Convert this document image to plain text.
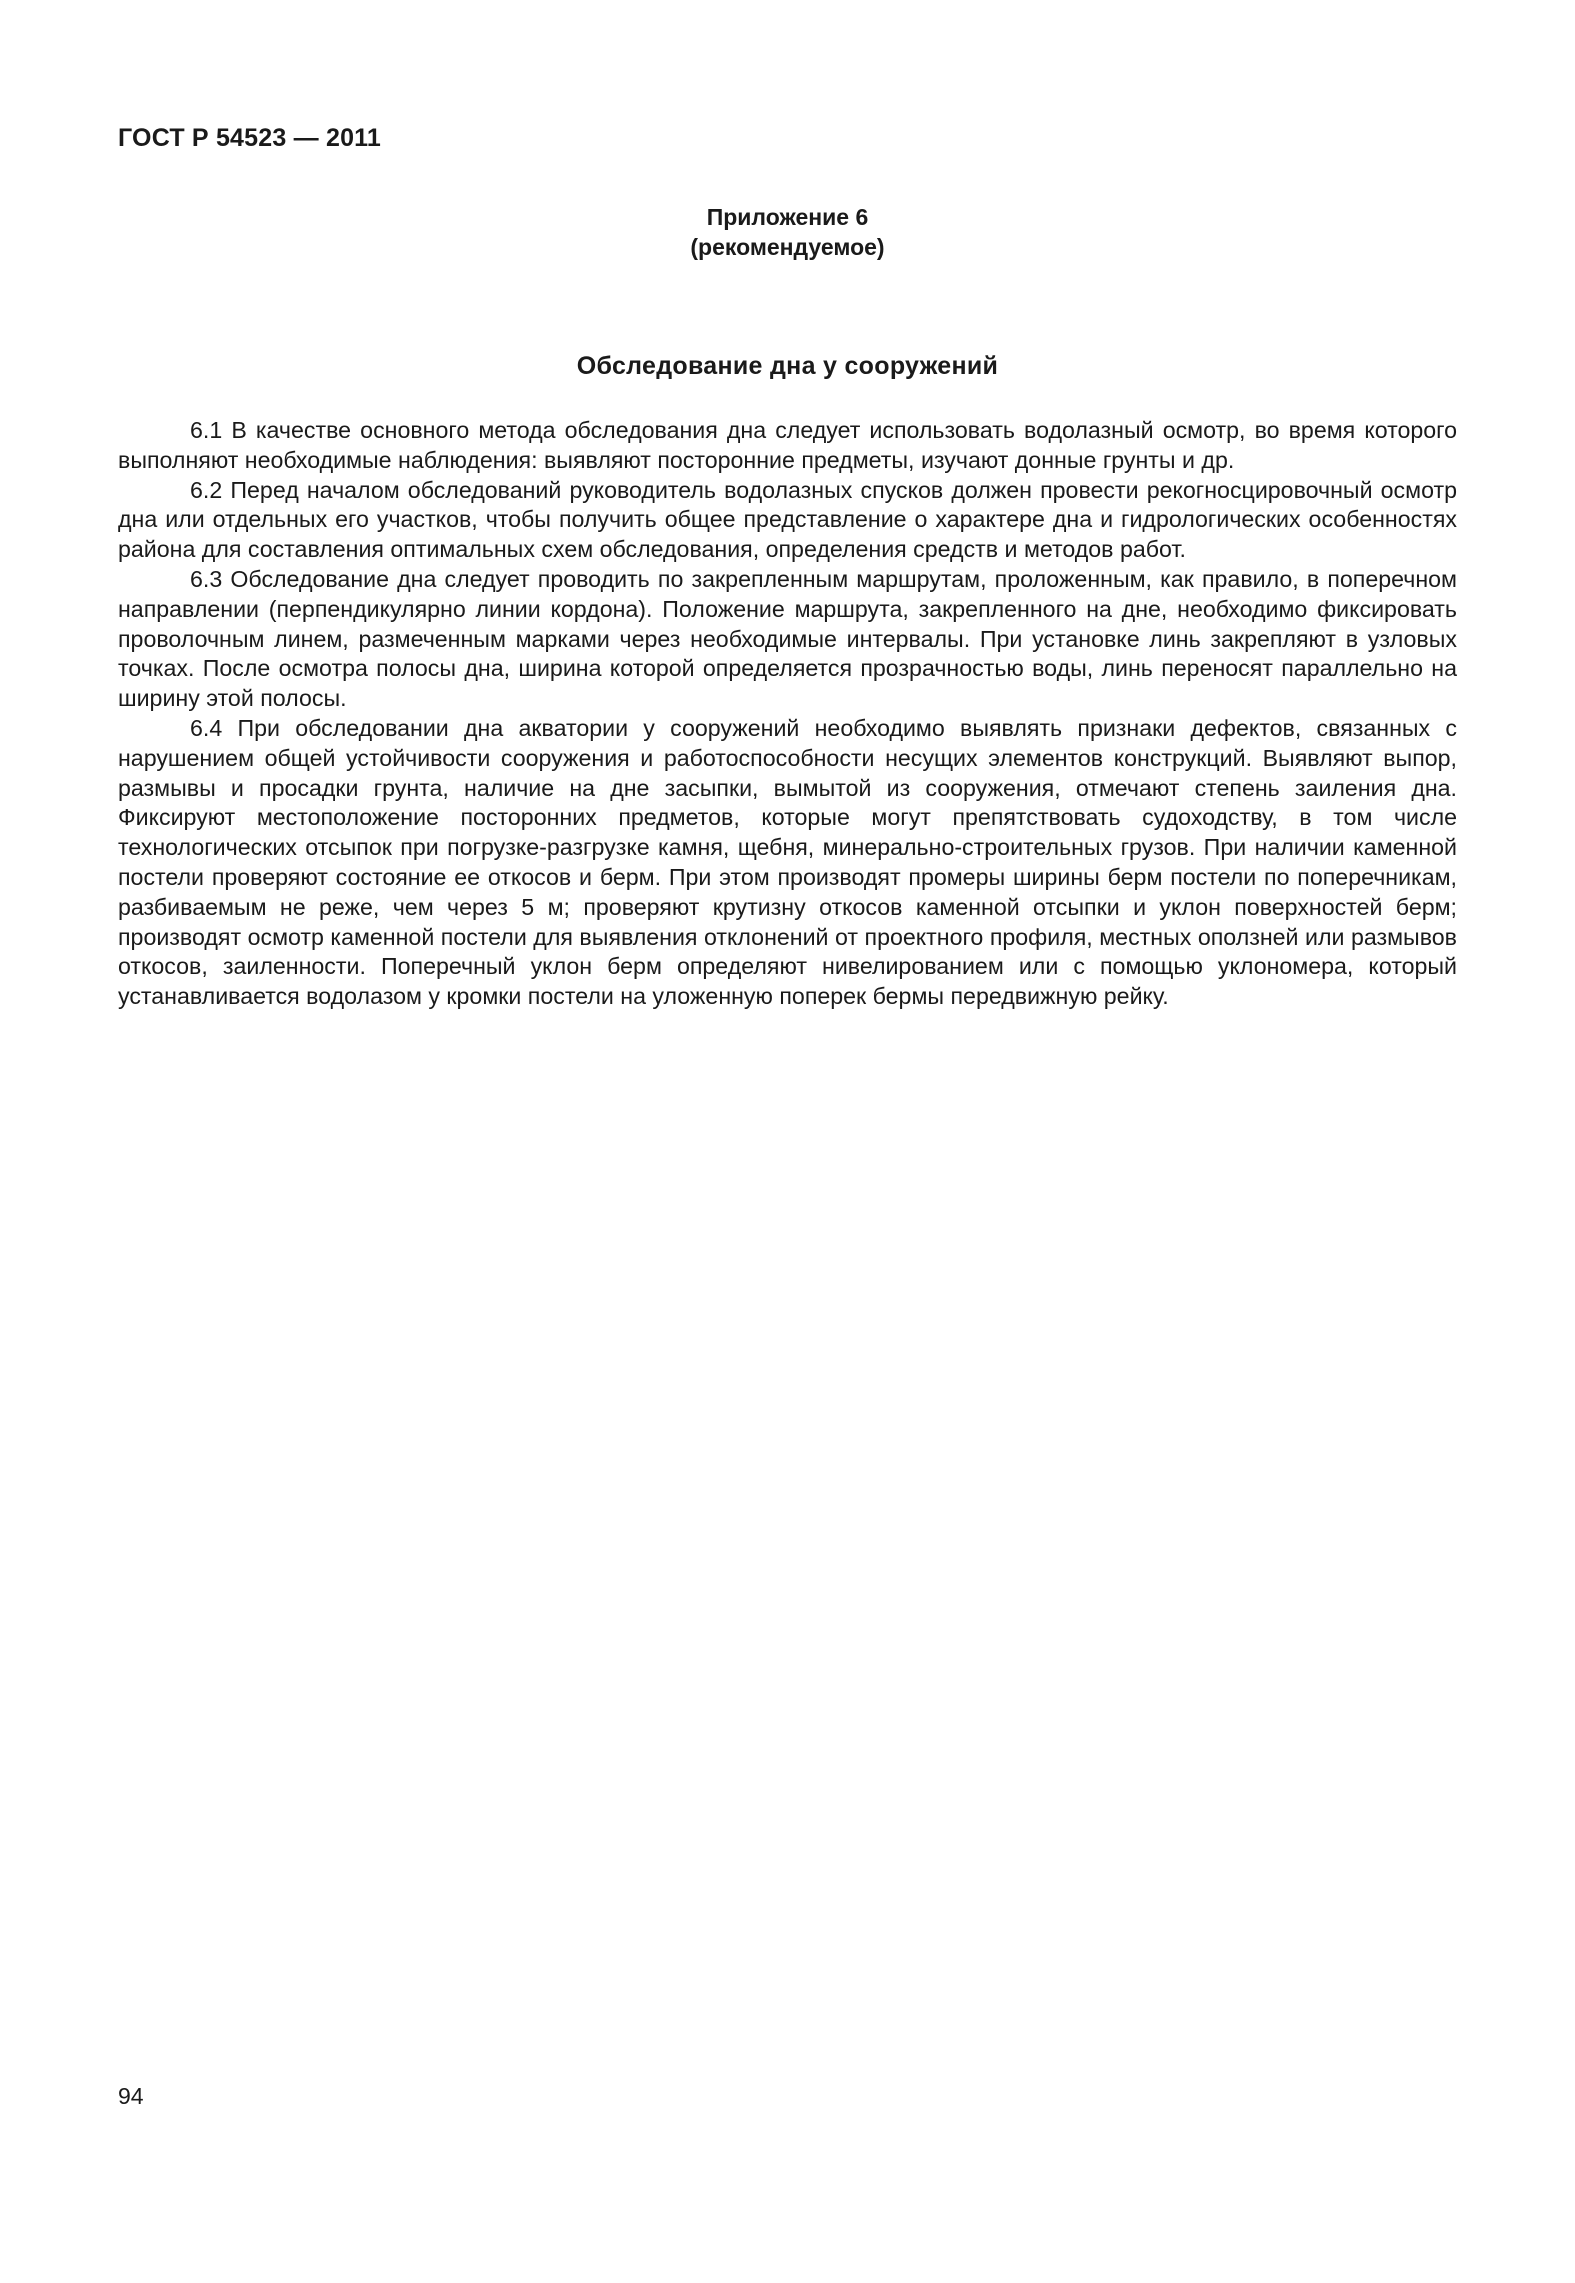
ГОСТ Р 54523 — 2011
Приложение 6
(рекомендуемое)
Обследование дна у сооружений

6.1 В качестве основного метода обследования дна следует использовать водолазный осмотр, во время которого выполняют необходимые наблюдения: выявляют посторонние предметы, изучают донные грунты и др.

6.2 Перед началом обследований руководитель водолазных спусков должен провести рекогносцировочный осмотр дна или отдельных его участков, чтобы получить общее представление о характере дна и гидрологических особенностях района для составления оптимальных схем обследования, определения средств и методов работ.

6.3 Обследование дна следует проводить по закрепленным маршрутам, проложенным, как правило, в поперечном направлении (перпендикулярно линии кордона). Положение маршрута, закрепленного на дне, необходимо фиксировать проволочным линем, размеченным марками через необходимые интервалы. При установке линь закрепляют в узловых точках. После осмотра полосы дна, ширина которой определяется прозрачностью воды, линь переносят параллельно на ширину этой полосы.

6.4 При обследовании дна акватории у сооружений необходимо выявлять признаки дефектов, связанных с нарушением общей устойчивости сооружения и работоспособности несущих элементов конструкций. Выявляют выпор, размывы и просадки грунта, наличие на дне засыпки, вымытой из сооружения, отмечают степень заиления дна. Фиксируют местоположение посторонних предметов, которые могут препятствовать судоходству, в том числе технологических отсыпок при погрузке-разгрузке камня, щебня, минерально-строительных грузов. При наличии каменной постели проверяют состояние ее откосов и берм. При этом производят промеры ширины берм постели по поперечникам, разбиваемым не реже, чем через 5 м; проверяют крутизну откосов каменной отсыпки и уклон поверхностей берм; производят осмотр каменной постели для выявления отклонений от проектного профиля, местных оползней или размывов откосов, заиленности. Поперечный уклон берм определяют нивелированием или с помощью уклономера, который устанавливается водолазом у кромки постели на уложенную поперек бермы передвижную рейку.

94
